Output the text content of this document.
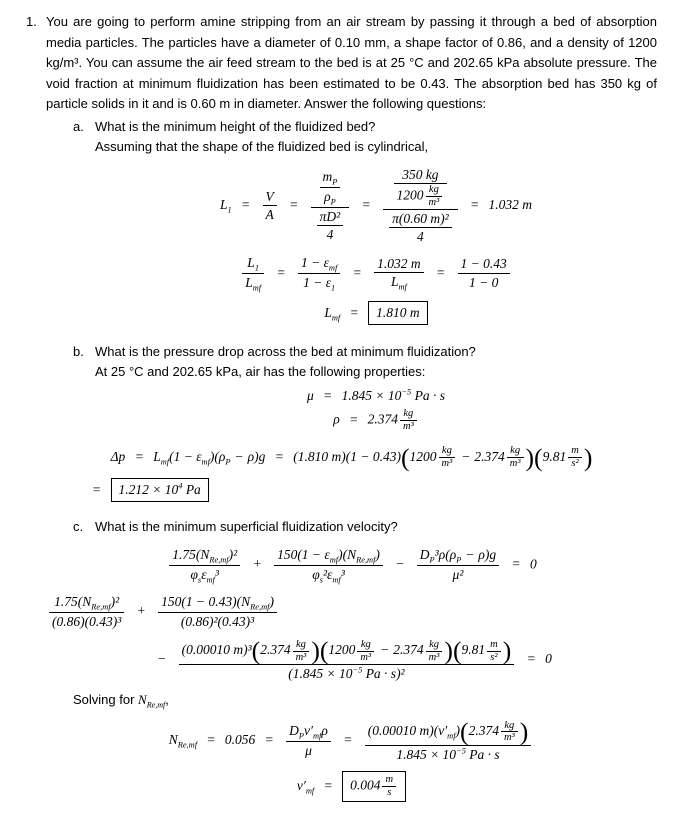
1. You are going to perform amine stripping from an air stream by passing it through a bed of absorption media particles. The particles have a diameter of 0.10 mm, a shape factor of 0.86, and a density of 1200 kg/m³. You can assume the air feed stream to the bed is at 25 °C and 202.65 kPa absolute pressure. The void fraction at minimum fluidization has been estimated to be 0.43. The absorption bed has 350 kg of particle solids in it and is 0.60 m in diameter. Answer the following questions:

a. What is the minimum height of the fluidized bed?

Assuming that the shape of the fluidized bed is cylindrical,

$L_1 = \frac{V}{A} = \frac{\frac{m_P}{\rho_P}}{\frac{\text{πD²}}{4}} = \frac{\frac{350 kg}{1200 \frac{kg}{\text{m³}}}}{\frac{\text{π(0.60 m)²}}{4}} = 1.032$ m
$\frac{L_1}{L_{mf}} = \frac{1 - \varepsilon_{mf}}{1 - \varepsilon_1} = \frac{1.032 m}{L_{mf}} = \frac{1 - 0.43}{1 - 0}$
$L_{mf} = 1.810$ m
b. What is the pressure drop across the bed at minimum fluidization?

At 25 °C and 202.65 kPa, air has the following properties:

$\mu = 1.845 \times 10^{-5}$ Pa · s
$\rho = 2.374 \frac{kg}{\text{m³}}$
$\Delta p = L_{mf}(1 - \varepsilon_{mf})(\rho_P - \rho)g = (1.810$ $m)(1 - 0.43)(1200 \frac{kg}{\text{m³}} - 2.374 \frac{kg}{\text{m³}} )(9.81 \frac{m}{\text{s²}}$ )
= $1.212 \times 10^4$ Pa
c. What is the minimum superficial fluidization velocity?

$\frac{1.75(N_{Re,mf})^2}{\varphi_s\varepsilon_{mf}^3} + \frac{150(1 - \varepsilon_{mf})(N_{Re,mf})}{\varphi_s^2\varepsilon_{mf}^3} - \frac{D_P^3\rho(\rho_P - \rho)g}{\text{μ²}} = 0$
$\frac{1.75(N_{Re,mf})^2}{\text{(0.86)(0.43)³}} + \frac{150(1 - 0.43)(N_{Re,mf})}{\text{(0.86)²(0.43)³}}$
− $\frac{(0.00010 m)^3(2.374 \frac{kg}{\text{m³}} )(1200 \frac{kg}{\text{m³}} - 2.374 \frac{kg}{\text{m³}} )(9.81 \frac{m}{\text{s²}} )}{(1.845 \times 10^{-5} Pa \cdot s)^2} = 0$

Solving for $N_{Re,mf}$,

$N_{Re,mf} = 0.056 = \frac{D_Pv'_{mf}\rho}{\mu} = \frac{(0.00010 m)(v'_{mf})(2.374 \frac{kg}{\text{m³}} )}{1.845 \times 10^{-5} Pa \cdot s}$
$v'_{mf} = 0.004 \frac{m}{s}$
